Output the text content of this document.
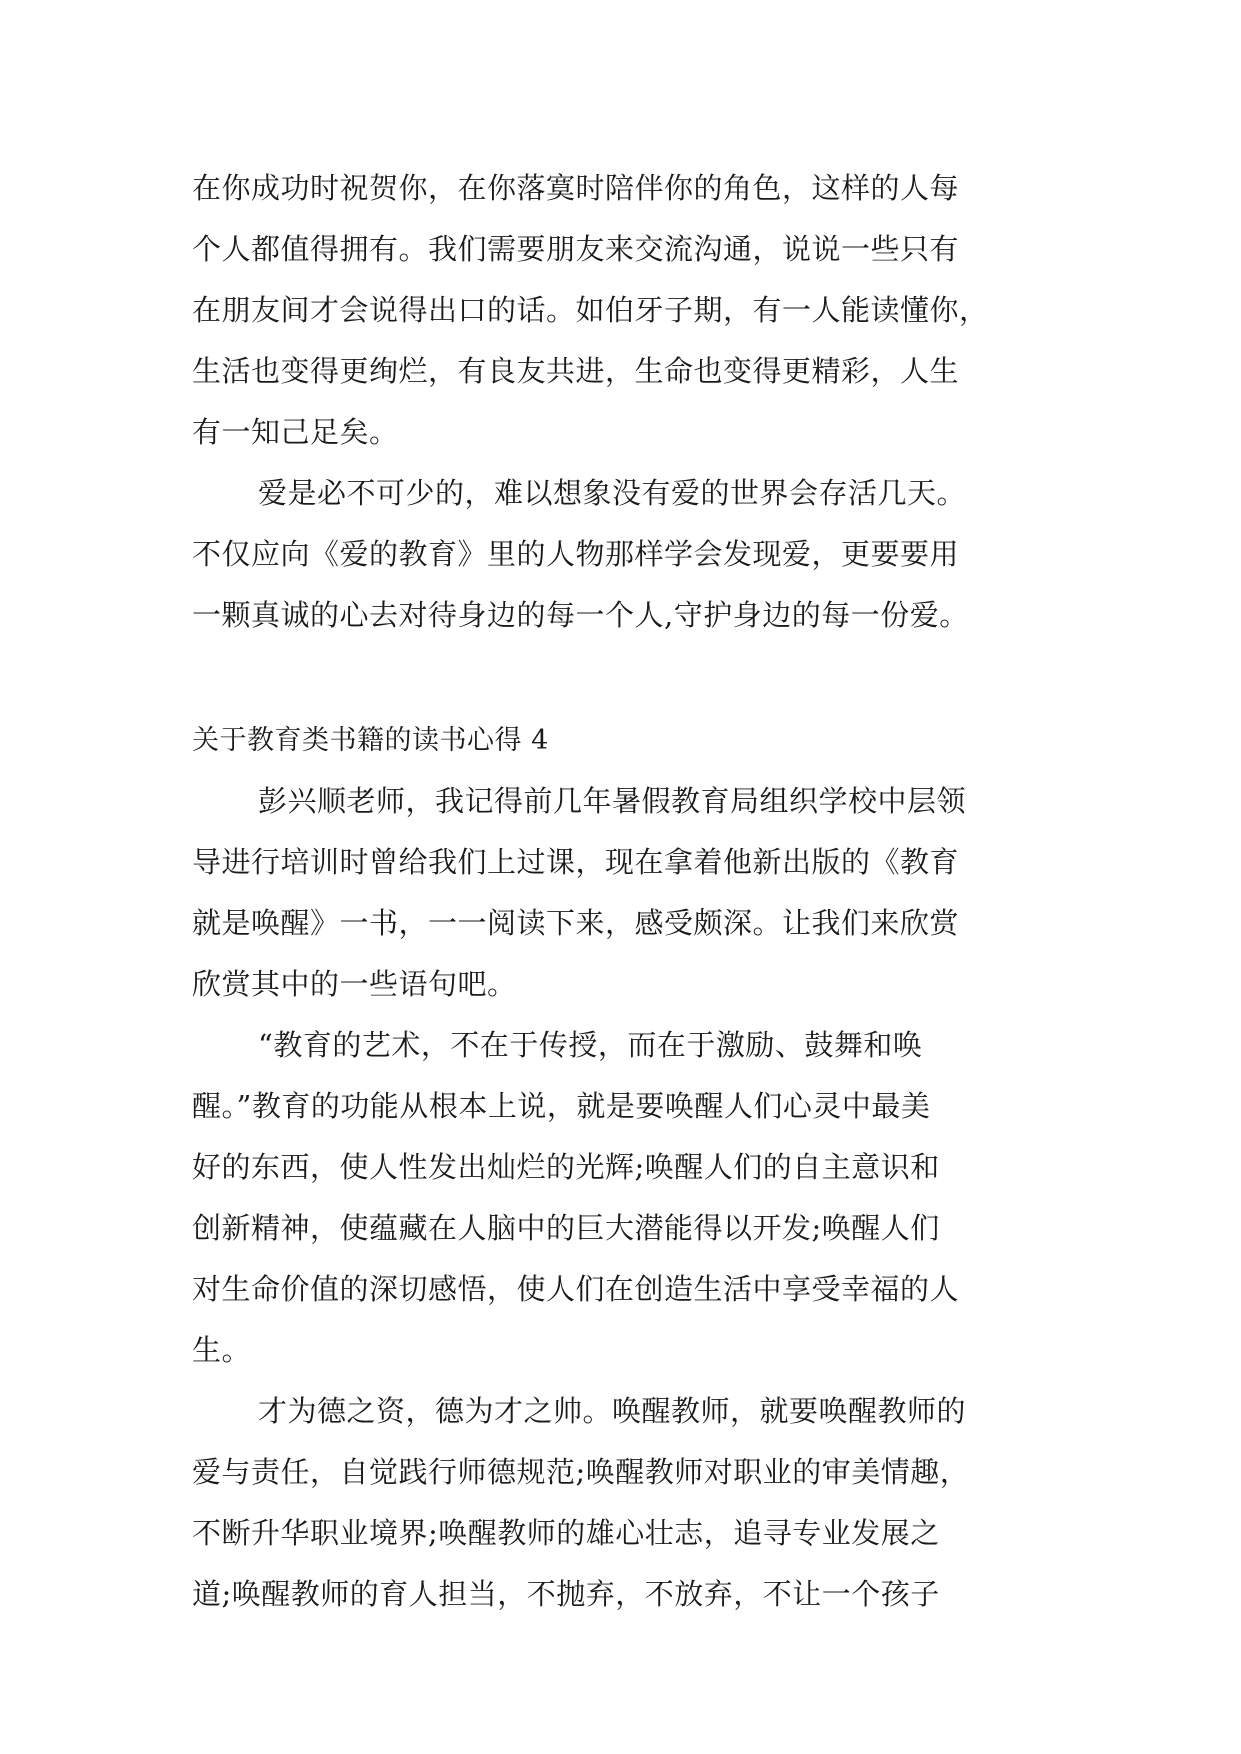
在你成功时祝贺你，在你落寞时陪伴你的角色，这样的人每
个人都值得拥有。我们需要朋友来交流沟通，说说一些只有
在朋友间才会说得出口的话。如伯牙子期，有一人能读懂你，
生活也变得更绚烂，有良友共进，生命也变得更精彩，人生
有一知己足矣。
爱是必不可少的，难以想象没有爱的世界会存活几天。
不仅应向《爱的教育》里的人物那样学会发现爱，更要要用
一颗真诚的心去对待身边的每一个人,守护身边的每一份爱。
关于教育类书籍的读书心得 4
彭兴顺老师，我记得前几年暑假教育局组织学校中层领
导进行培训时曾给我们上过课，现在拿着他新出版的《教育
就是唤醒》一书，一一阅读下来，感受颇深。让我们来欣赏
欣赏其中的一些语句吧。
“教育的艺术，不在于传授，而在于激励、鼓舞和唤
醒。”教育的功能从根本上说，就是要唤醒人们心灵中最美
好的东西，使人性发出灿烂的光辉;唤醒人们的自主意识和
创新精神，使蕴藏在人脑中的巨大潜能得以开发;唤醒人们
对生命价值的深切感悟，使人们在创造生活中享受幸福的人
生。
才为德之资，德为才之帅。唤醒教师，就要唤醒教师的
爱与责任，自觉践行师德规范;唤醒教师对职业的审美情趣，
不断升华职业境界;唤醒教师的雄心壮志，追寻专业发展之
道;唤醒教师的育人担当，不抛弃，不放弃，不让一个孩子
